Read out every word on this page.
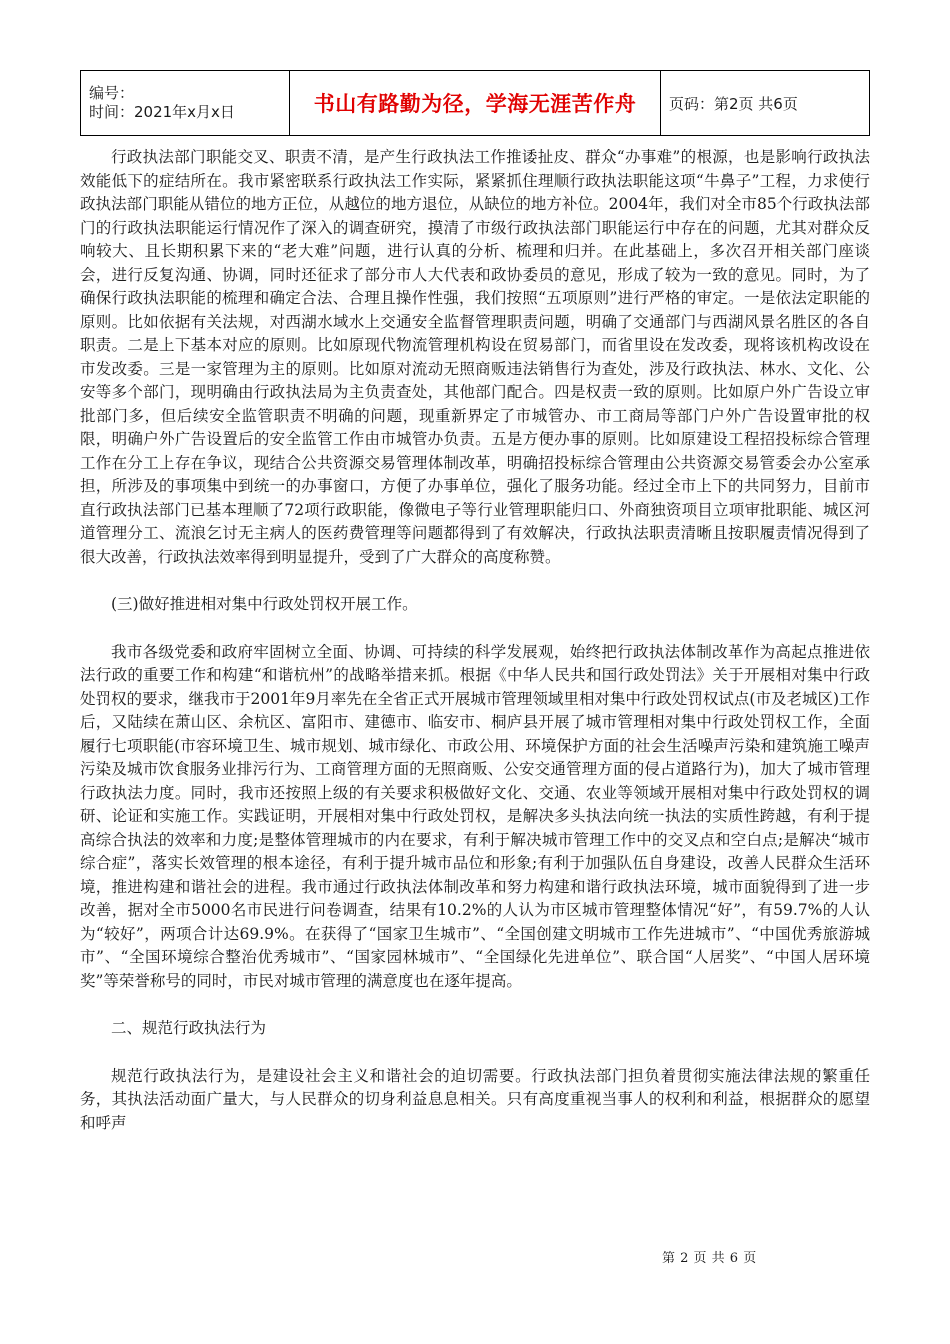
编号：
时间：2021年x月x日	书山有路勤为径，学海无涯苦作舟	页码：第2页 共6页

行政执法部门职能交叉、职责不清，是产生行政执法工作推诿扯皮、群众“办事难”的根源，也是影响行政执法效能低下的症结所在。我市紧密联系行政执法工作实际，紧紧抓住理顺行政执法职能这项“牛鼻子”工程，力求使行政执法部门职能从错位的地方正位，从越位的地方退位，从缺位的地方补位。2004年，我们对全市85个行政执法部门的行政执法职能运行情况作了深入的调查研究，摸清了市级行政执法部门职能运行中存在的问题，尤其对群众反响较大、且长期积累下来的“老大难”问题，进行认真的分析、梳理和归并。在此基础上，多次召开相关部门座谈会，进行反复沟通、协调，同时还征求了部分市人大代表和政协委员的意见，形成了较为一致的意见。同时，为了确保行政执法职能的梳理和确定合法、合理且操作性强，我们按照“五项原则”进行严格的审定。一是依法定职能的原则。比如依据有关法规，对西湖水域水上交通安全监督管理职责问题，明确了交通部门与西湖风景名胜区的各自职责。二是上下基本对应的原则。比如原现代物流管理机构设在贸易部门，而省里设在发改委，现将该机构改设在市发改委。三是一家管理为主的原则。比如原对流动无照商贩违法销售行为查处，涉及行政执法、林水、文化、公安等多个部门，现明确由行政执法局为主负责查处，其他部门配合。四是权责一致的原则。比如原户外广告设立审批部门多，但后续安全监管职责不明确的问题，现重新界定了市城管办、市工商局等部门户外广告设置审批的权限，明确户外广告设置后的安全监管工作由市城管办负责。五是方便办事的原则。比如原建设工程招投标综合管理工作在分工上存在争议，现结合公共资源交易管理体制改革，明确招投标综合管理由公共资源交易管委会办公室承担，所涉及的事项集中到统一的办事窗口，方便了办事单位，强化了服务功能。经过全市上下的共同努力，目前市直行政执法部门已基本理顺了72项行政职能，像微电子等行业管理职能归口、外商独资项目立项审批职能、城区河道管理分工、流浪乞讨无主病人的医药费管理等问题都得到了有效解决，行政执法职责清晰且按职履责情况得到了很大改善，行政执法效率得到明显提升，受到了广大群众的高度称赞。

(三)做好推进相对集中行政处罚权开展工作。

我市各级党委和政府牢固树立全面、协调、可持续的科学发展观，始终把行政执法体制改革作为高起点推进依法行政的重要工作和构建“和谐杭州”的战略举措来抓。根据《中华人民共和国行政处罚法》关于开展相对集中行政处罚权的要求，继我市于2001年9月率先在全省正式开展城市管理领域里相对集中行政处罚权试点(市及老城区)工作后，又陆续在萧山区、余杭区、富阳市、建德市、临安市、桐庐县开展了城市管理相对集中行政处罚权工作，全面履行七项职能(市容环境卫生、城市规划、城市绿化、市政公用、环境保护方面的社会生活噪声污染和建筑施工噪声污染及城市饮食服务业排污行为、工商管理方面的无照商贩、公安交通管理方面的侵占道路行为)，加大了城市管理行政执法力度。同时，我市还按照上级的有关要求积极做好文化、交通、农业等领域开展相对集中行政处罚权的调研、论证和实施工作。实践证明，开展相对集中行政处罚权，是解决多头执法向统一执法的实质性跨越，有利于提高综合执法的效率和力度;是整体管理城市的内在要求，有利于解决城市管理工作中的交叉点和空白点;是解决“城市综合症”，落实长效管理的根本途径，有利于提升城市品位和形象;有利于加强队伍自身建设，改善人民群众生活环境，推进构建和谐社会的进程。我市通过行政执法体制改革和努力构建和谐行政执法环境，城市面貌得到了进一步改善，据对全市5000名市民进行问卷调查，结果有10.2%的人认为市区城市管理整体情况“好”，有59.7%的人认为“较好”，两项合计达69.9%。在获得了“国家卫生城市”、“全国创建文明城市工作先进城市”、“中国优秀旅游城市”、“全国环境综合整治优秀城市”、“国家园林城市”、“全国绿化先进单位”、联合国“人居奖”、“中国人居环境奖”等荣誉称号的同时，市民对城市管理的满意度也在逐年提高。

二、规范行政执法行为

规范行政执法行为，是建设社会主义和谐社会的迫切需要。行政执法部门担负着贯彻实施法律法规的繁重任务，其执法活动面广量大，与人民群众的切身利益息息相关。只有高度重视当事人的权利和利益，根据群众的愿望和呼声

第 2 页 共 6 页
